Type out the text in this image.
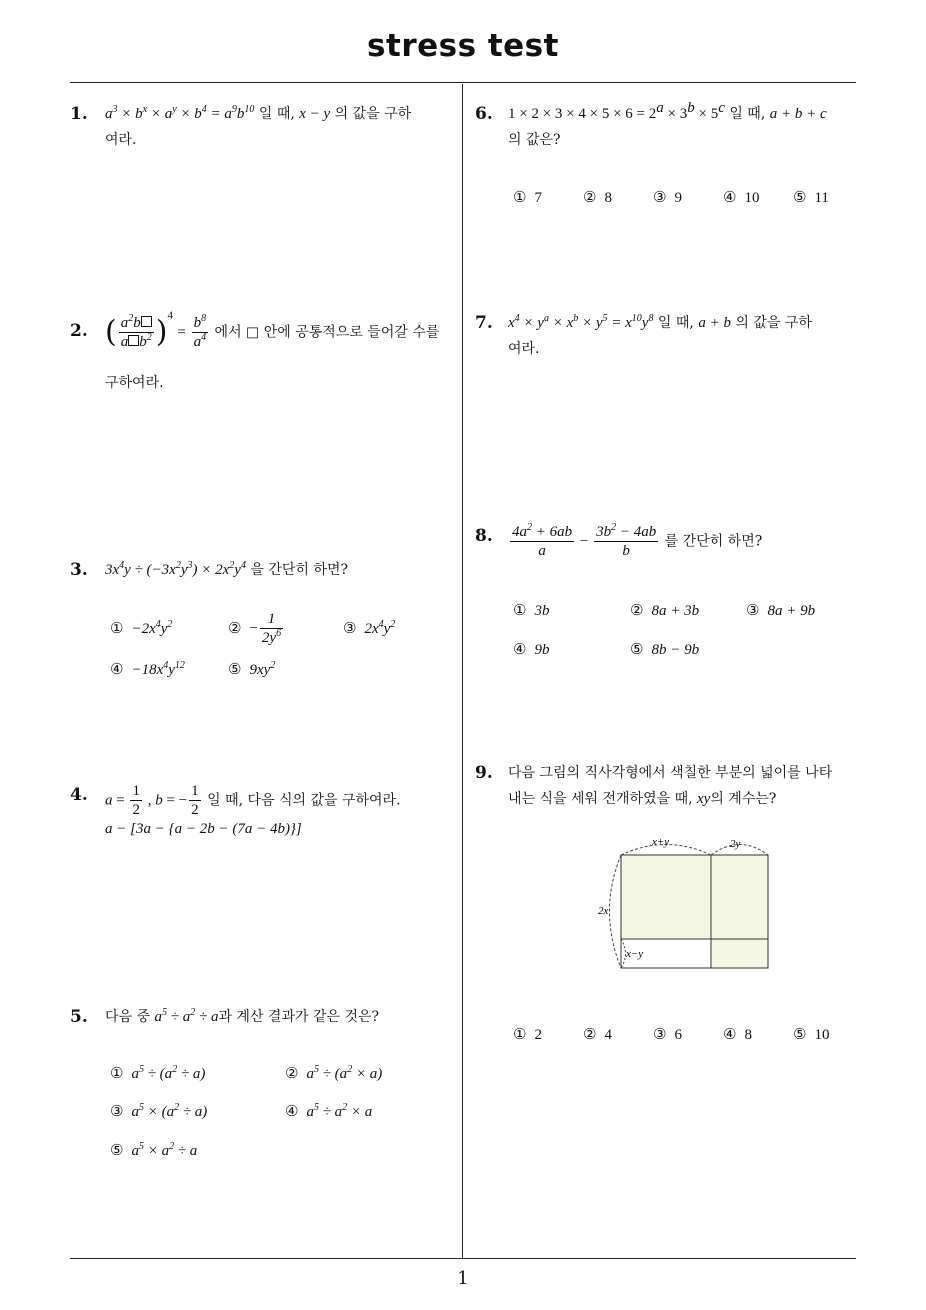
stress test
1
1. $a^3 \times b^x \times a^y \times b^4 = a^9b^{10}$ 일 때, x − y 의 값을 구하
여라.
2. ( $\frac{a^2b}{a b^2} )^4 = \frac{b^8}{a^4}$ 에서 □ 안에 공통적으로 들어갈 수를
구하여라.
3. $3x^4y \div (-3x^2y^3) \times 2x^2y^4$ 을 간단히 하면?
① $-2x^4y^2$	② − $\frac{1}{2y^6}$	③ $2x^4y^2$
④ $-18x^4y^{12}$	⑤ $9xy^2$
4. $a = \frac{1}{2}$ , b = − $\frac{1}{2}$ 일 때, 다음 식의 값을 구하여라.
a − [3a − {a − 2b − (7a − 4b)}]
5. 다음 중 $a^5 \div a^2 \div a$과 계산 결과가 같은 것은?
① $a^5 \div (a^2 \div a)$	② $a^5 \div (a^2 \times a)$
③ $a^5 \times (a^2 \div a)$	④ $a^5 \div a^2 \times a$
⑤ $a^5 \times a^2 \div a$
6. $1 \times 2 \times 3 \times 4 \times 5 \times 6 = 2^a \times 3^b \times 5^c$ 일 때, a + b + c
의 값은?
① 7	② 8	③ 9	④ 10 ⑤ 11
7. $x^4 \times y^a \times x^b \times y^5 = x^{10}y^8$ 일 때, a + b 의 값을 구하
여라.
8. $\frac{4a^2 + 6ab}{a} - \frac{3b^2 - 4ab}{b}$ 를 간단히 하면?
① 3b	② 8a + 3b	③ 8a + 9b
④ 9b	⑤ 8b − 9b
9. 다음 그림의 직사각형에서 색칠한 부분의 넓이를 나타
내는 식을 세워 전개하였을 때, xy의 계수는?
x+y	2y
2x
x−y
① 2	② 4	③ 6	④ 8	⑤ 10
